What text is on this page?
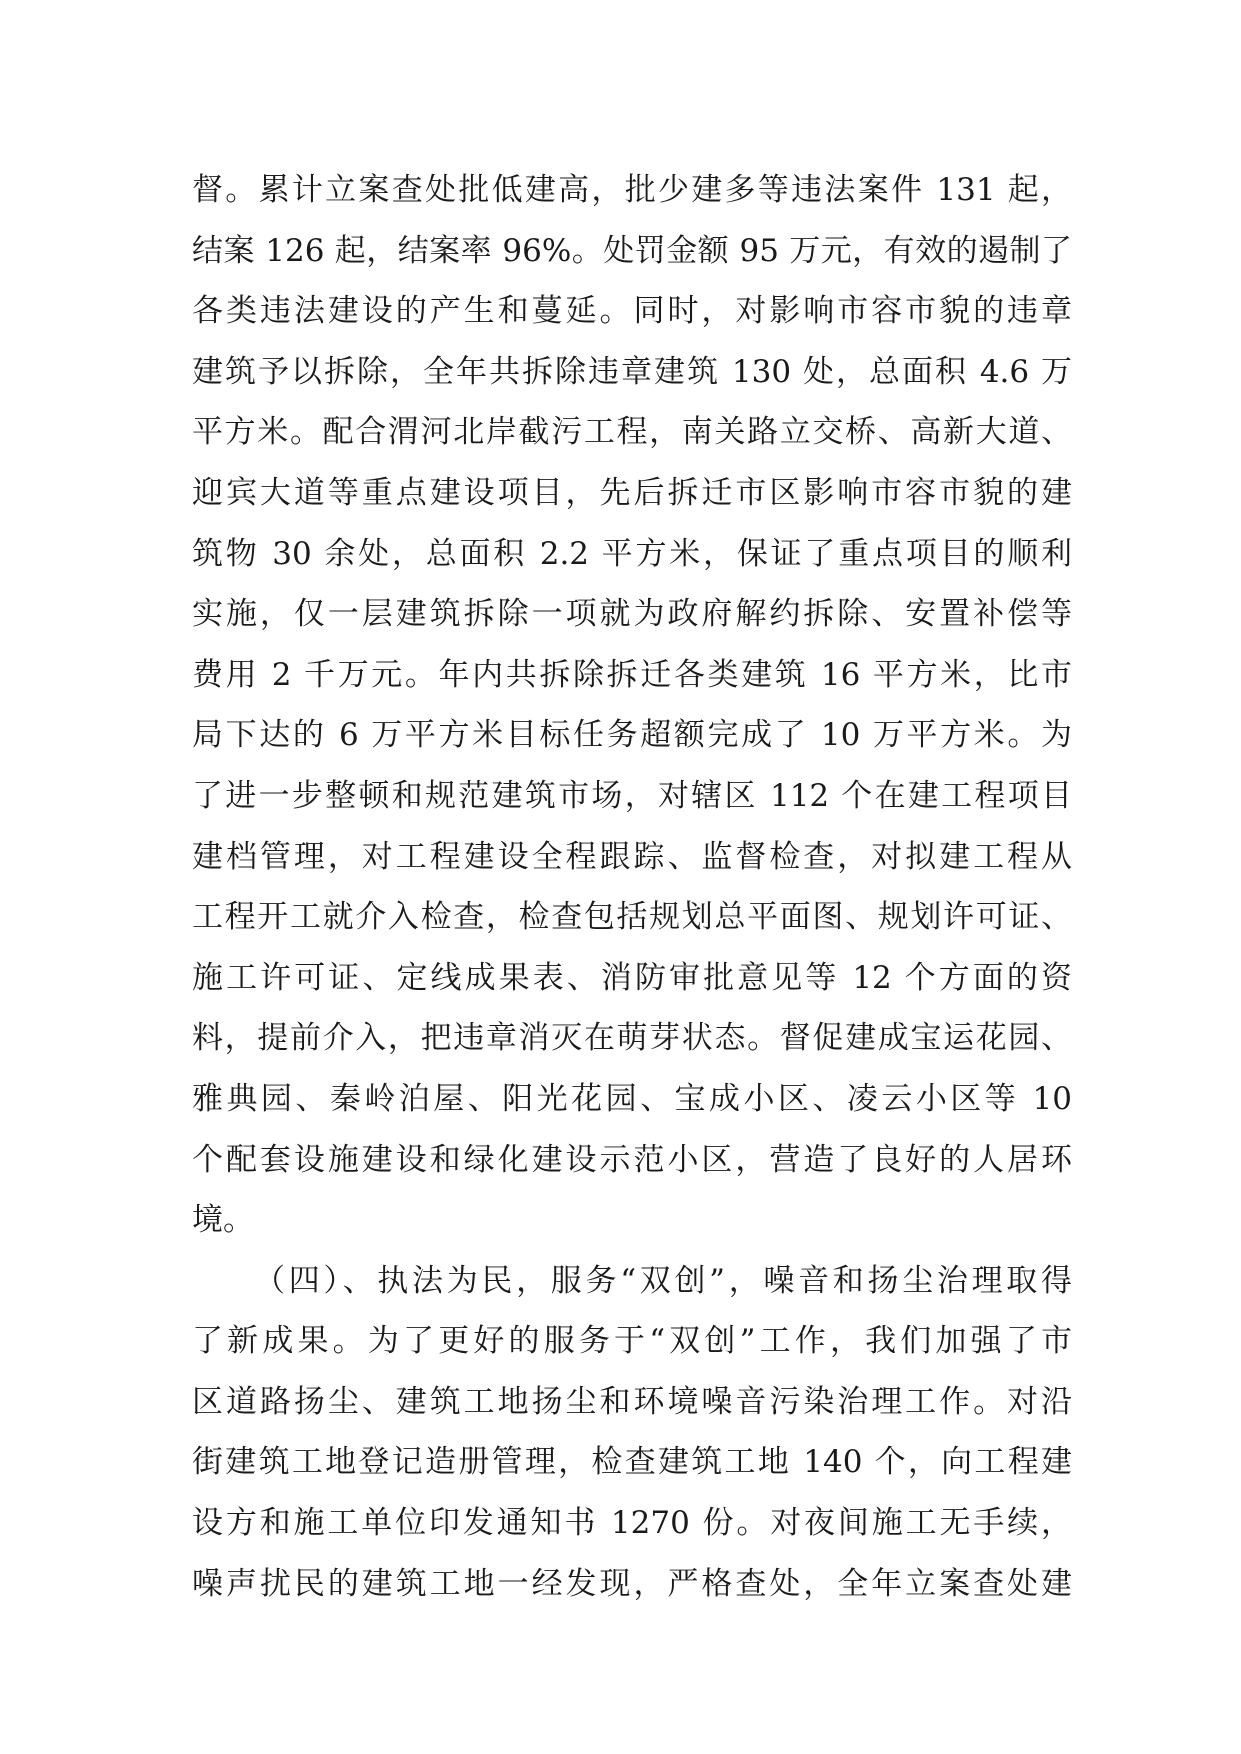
督。累计立案查处批低建高，批少建多等违法案件 131 起，
结案 126 起，结案率 96%。处罚金额 95 万元，有效的遏制了
各类违法建设的产生和蔓延。同时，对影响市容市貌的违章
建筑予以拆除，全年共拆除违章建筑 130 处，总面积 4.6 万
平方米。配合渭河北岸截污工程，南关路立交桥、高新大道、
迎宾大道等重点建设项目，先后拆迁市区影响市容市貌的建
筑物 30 余处，总面积 2.2 平方米，保证了重点项目的顺利
实施，仅一层建筑拆除一项就为政府解约拆除、安置补偿等
费用 2 千万元。年内共拆除拆迁各类建筑 16 平方米，比市
局下达的 6 万平方米目标任务超额完成了 10 万平方米。为
了进一步整顿和规范建筑市场，对辖区 112 个在建工程项目
建档管理，对工程建设全程跟踪、监督检查，对拟建工程从
工程开工就介入检查，检查包括规划总平面图、规划许可证、
施工许可证、定线成果表、消防审批意见等 12 个方面的资
料，提前介入，把违章消灭在萌芽状态。督促建成宝运花园、
雅典园、秦岭泊屋、阳光花园、宝成小区、凌云小区等 10
个配套设施建设和绿化建设示范小区，营造了良好的人居环
境。
（四）、执法为民，服务“双创”，噪音和扬尘治理取得
了新成果。为了更好的服务于“双创”工作，我们加强了市
区道路扬尘、建筑工地扬尘和环境噪音污染治理工作。对沿
街建筑工地登记造册管理，检查建筑工地 140 个，向工程建
设方和施工单位印发通知书 1270 份。对夜间施工无手续，
噪声扰民的建筑工地一经发现，严格查处，全年立案查处建
